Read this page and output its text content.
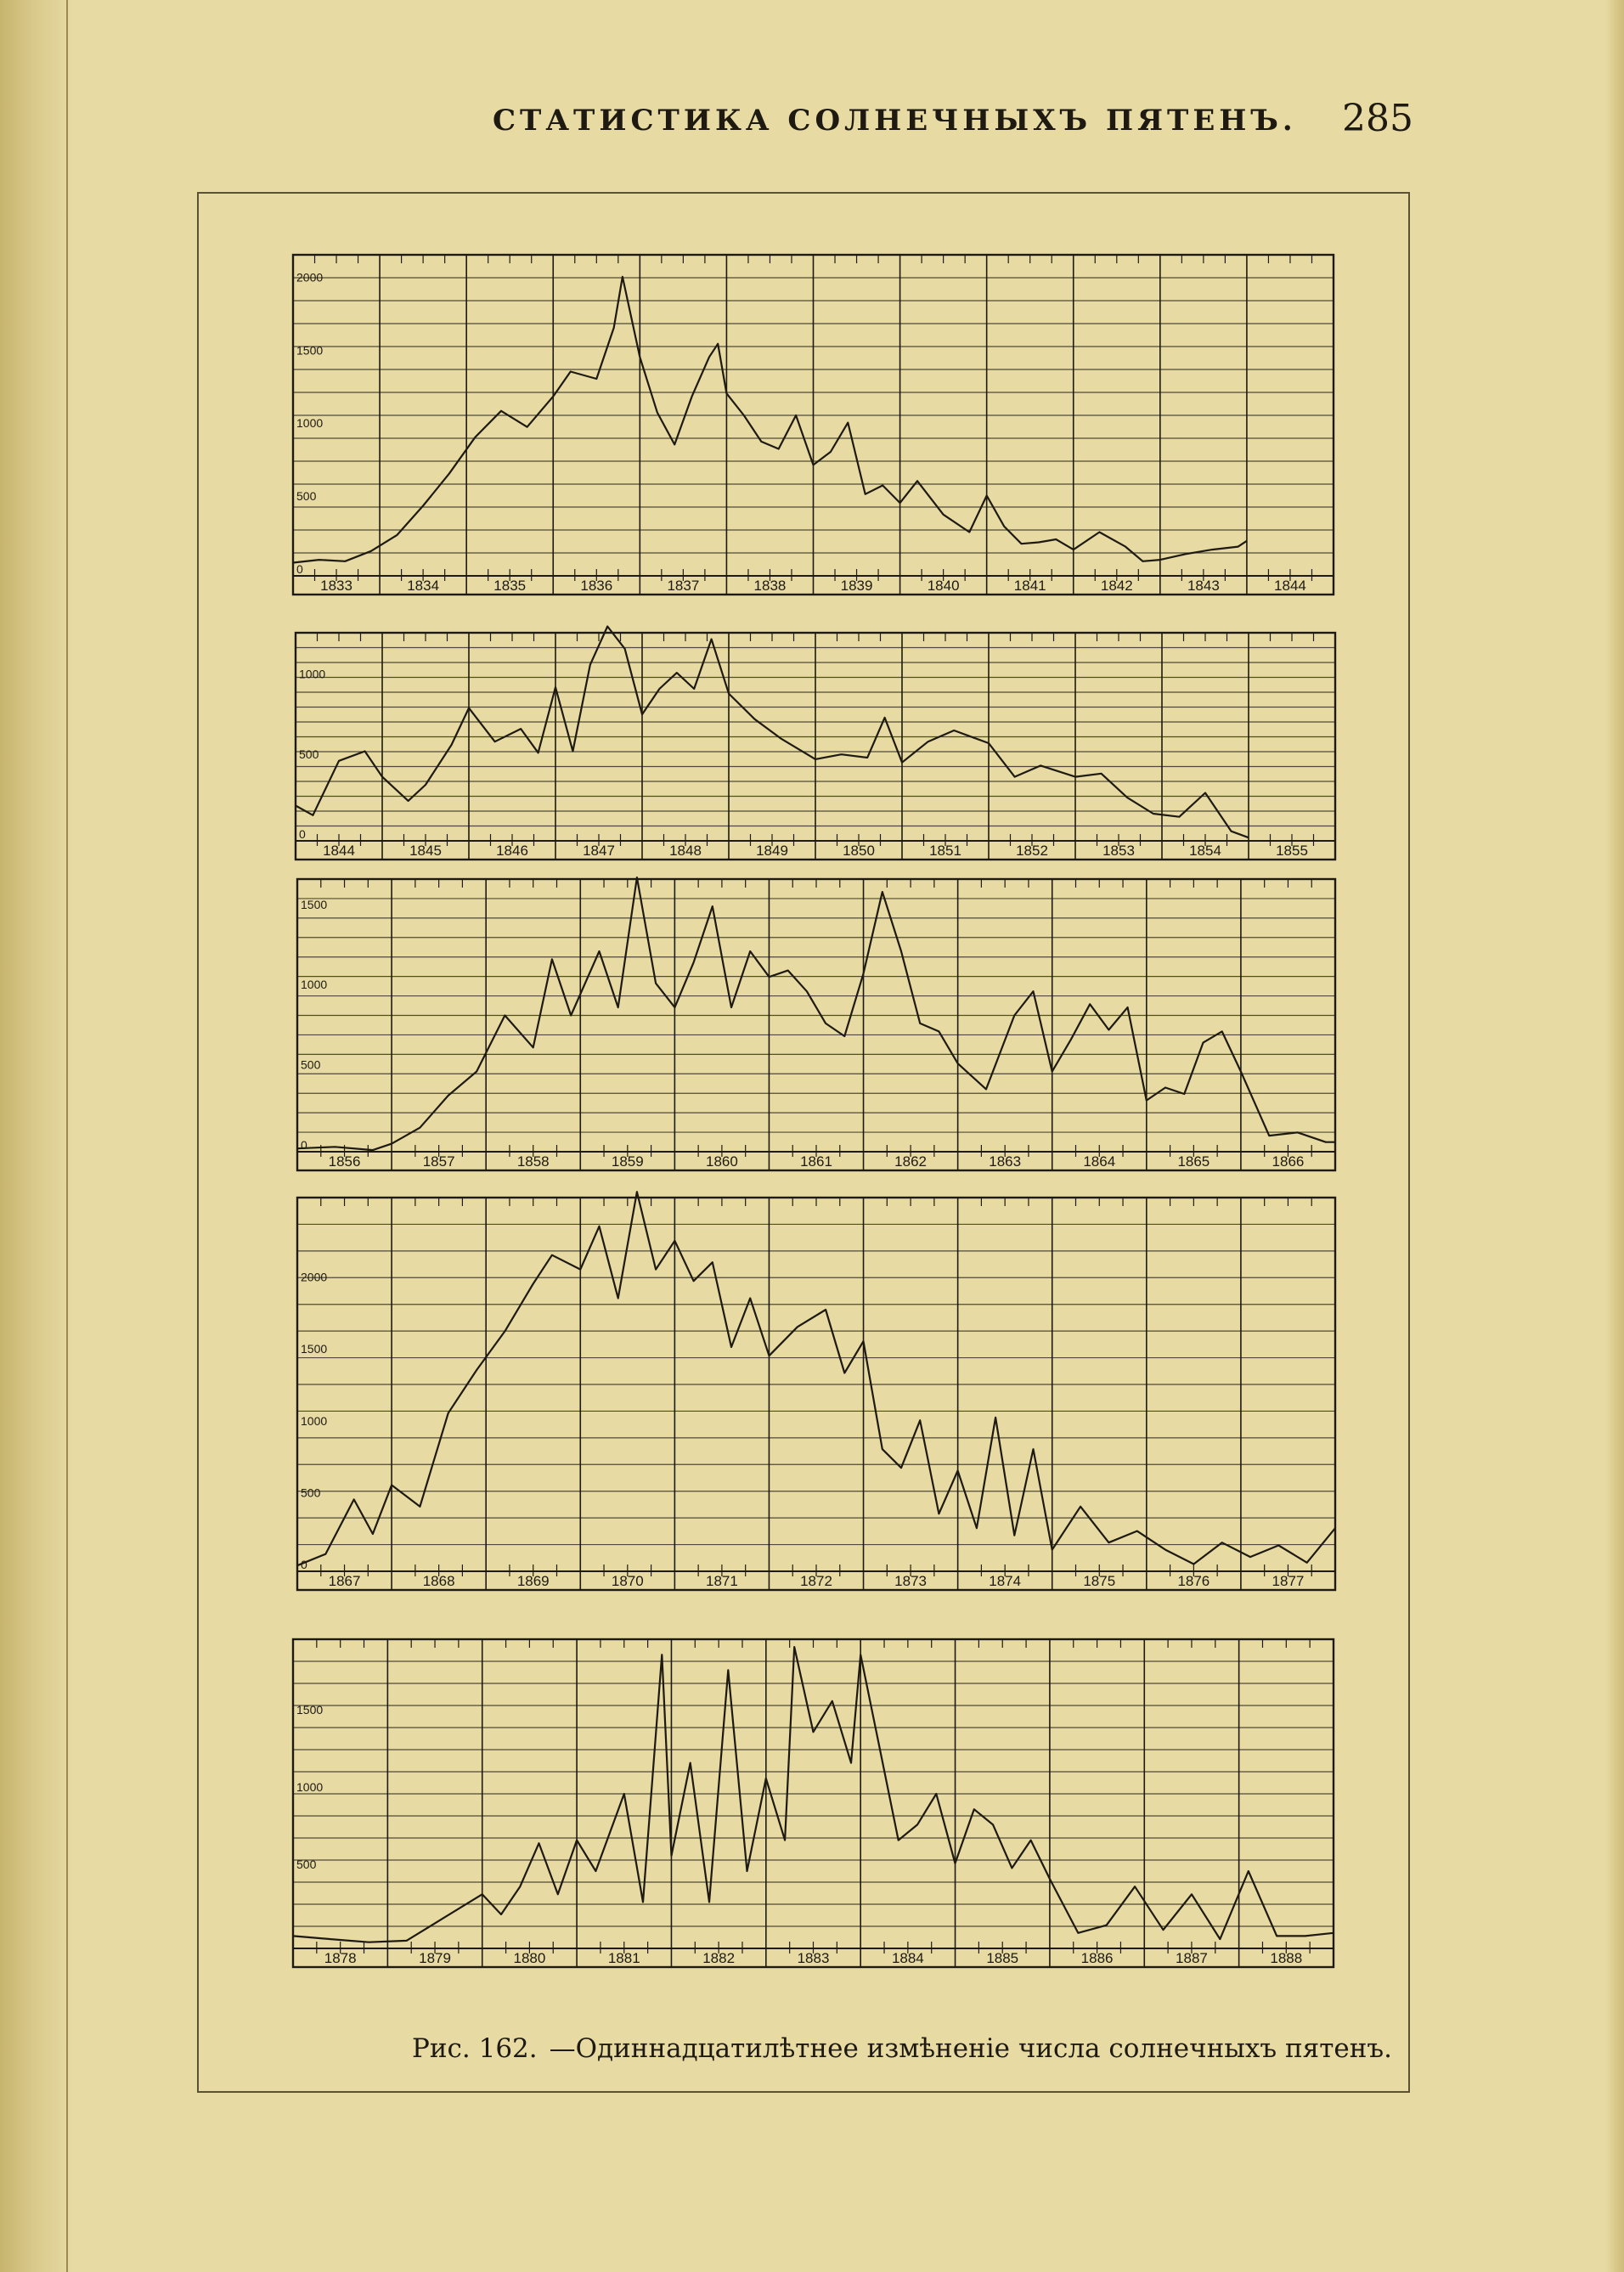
СТАТИСТИКА СОЛНЕЧНЫХЪ ПЯТЕНЪ. 285
1833	1834	1835	1836	1837	1838	1839	1840	1841	1842	1843	1844
2000
1500
1000
500
0
1844	1845	1846	1847	1848	1849	1850	1851	1852	1853	1854	1855
1000
500
0
1856	1857	1858	1859	1860	1861	1862	1863	1864	1865	1866
1500
1000
500
0
1867	1868	1869	1870	1871	1872	1873	1874	1875	1876	1877
2000
1500
1000
500
0
1878	1879	1880	1881	1882	1883	1884	1885	1886	1887	1888
1500
1000
500
Рис. 162. —Одиннадцатилѣтнее измѣненіе числа солнечныхъ пятенъ.
